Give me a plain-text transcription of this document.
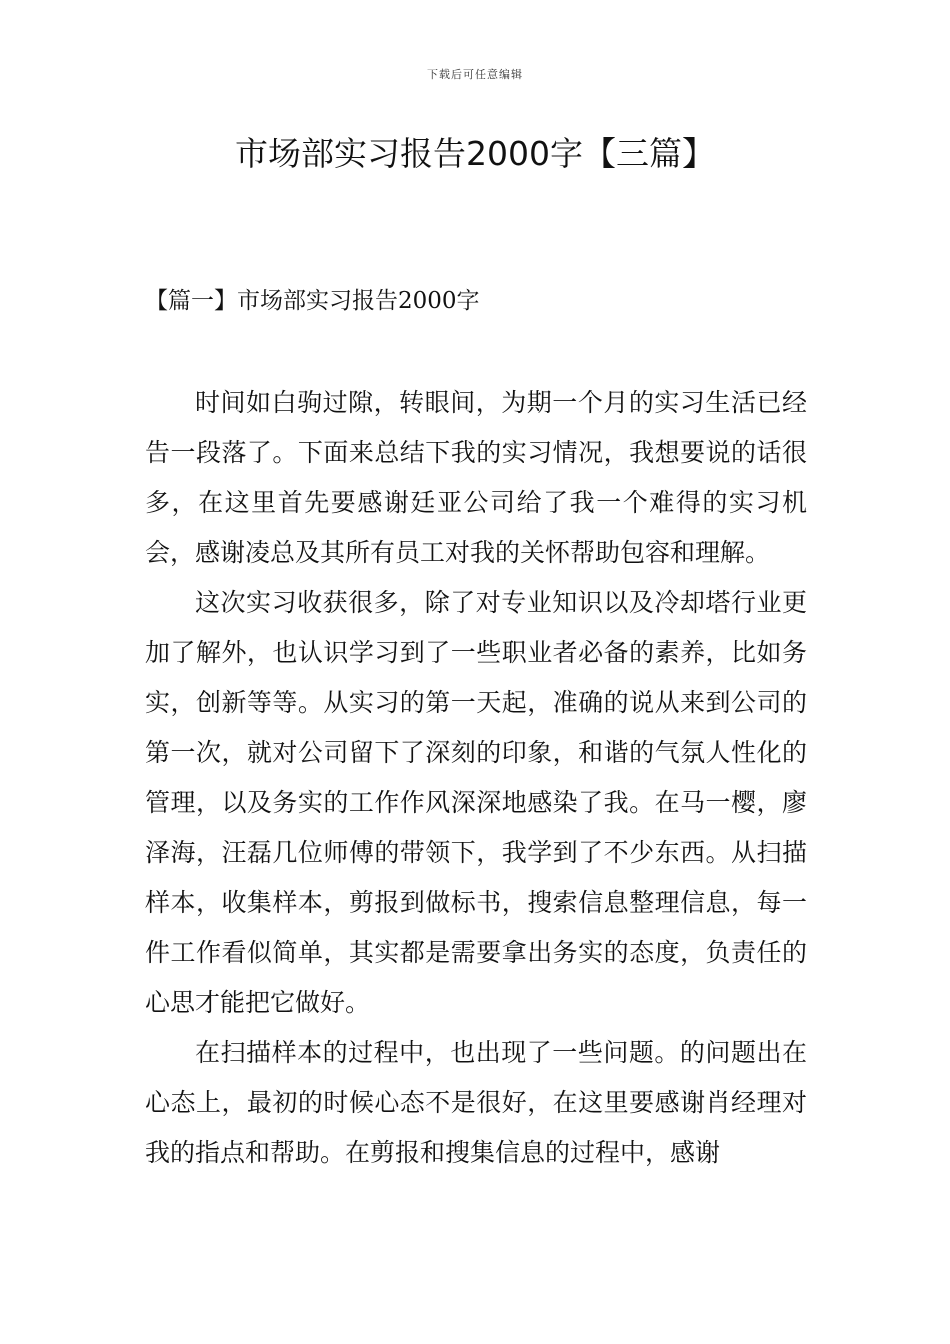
下载后可任意编辑
市场部实习报告2000字【三篇】
【篇一】市场部实习报告2000字

时间如白驹过隙，转眼间，为期一个月的实习生活已经告一段落了。下面来总结下我的实习情况，我想要说的话很多，在这里首先要感谢廷亚公司给了我一个难得的实习机会，感谢凌总及其所有员工对我的关怀帮助包容和理解。

这次实习收获很多，除了对专业知识以及冷却塔行业更加了解外，也认识学习到了一些职业者必备的素养，比如务实，创新等等。从实习的第一天起，准确的说从来到公司的第一次，就对公司留下了深刻的印象，和谐的气氛人性化的管理，以及务实的工作作风深深地感染了我。在马一樱，廖泽海，汪磊几位师傅的带领下，我学到了不少东西。从扫描样本，收集样本，剪报到做标书，搜索信息整理信息，每一件工作看似简单，其实都是需要拿出务实的态度，负责任的心思才能把它做好。

在扫描样本的过程中，也出现了一些问题。的问题出在心态上，最初的时候心态不是很好，在这里要感谢肖经理对我的指点和帮助。在剪报和搜集信息的过程中，感谢
